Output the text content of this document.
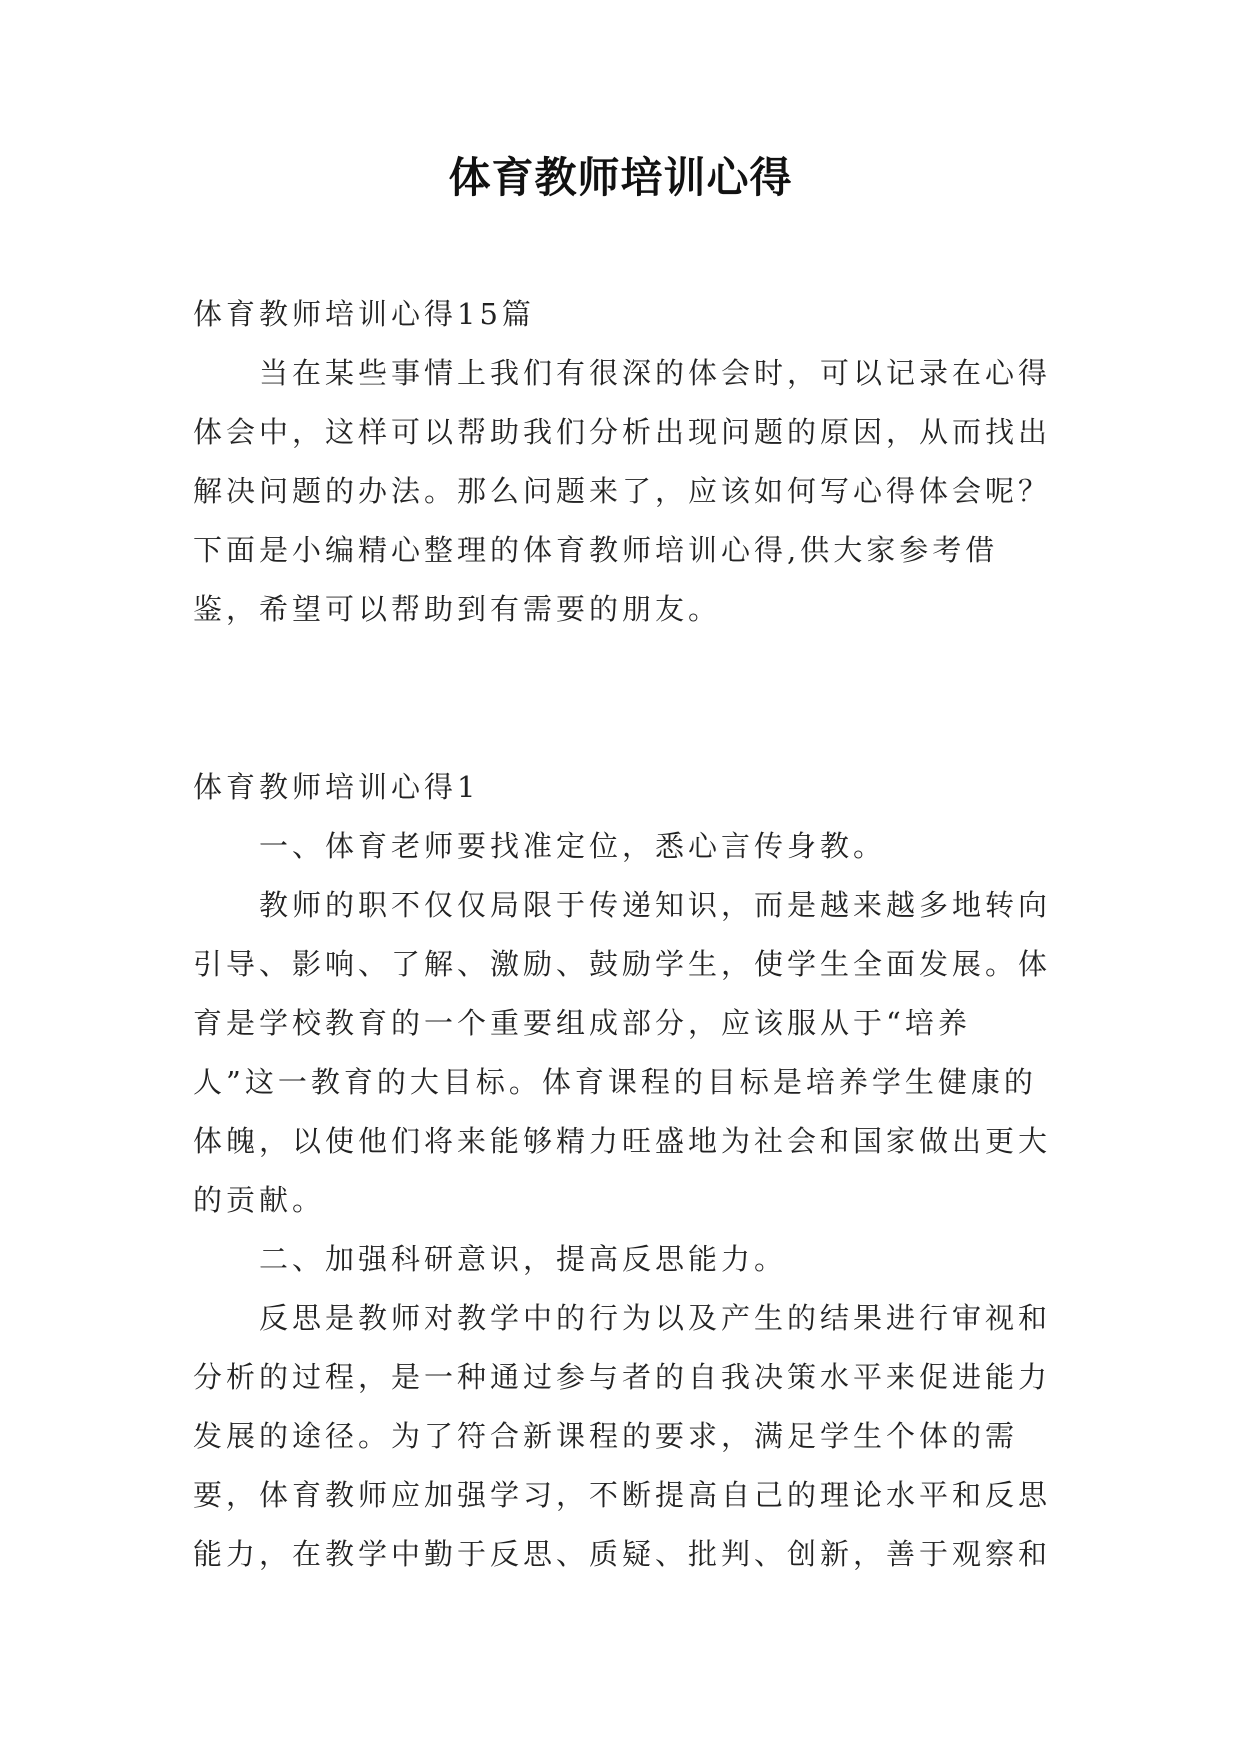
体育教师培训心得

体育教师培训心得15篇

当在某些事情上我们有很深的体会时，可以记录在心得体会中，这样可以帮助我们分析出现问题的原因，从而找出解决问题的办法。那么问题来了，应该如何写心得体会呢？下面是小编精心整理的体育教师培训心得,供大家参考借鉴，希望可以帮助到有需要的朋友。

体育教师培训心得1

一、体育老师要找准定位，悉心言传身教。

教师的职不仅仅局限于传递知识，而是越来越多地转向引导、影响、了解、激励、鼓励学生，使学生全面发展。体育是学校教育的一个重要组成部分，应该服从于“培养人”这一教育的大目标。体育课程的目标是培养学生健康的体魄，以使他们将来能够精力旺盛地为社会和国家做出更大的贡献。

二、加强科研意识，提高反思能力。

反思是教师对教学中的行为以及产生的结果进行审视和分析的过程，是一种通过参与者的自我决策水平来促进能力发展的途径。为了符合新课程的要求，满足学生个体的需要，体育教师应加强学习，不断提高自己的理论水平和反思能力，在教学中勤于反思、质疑、批判、创新，善于观察和
